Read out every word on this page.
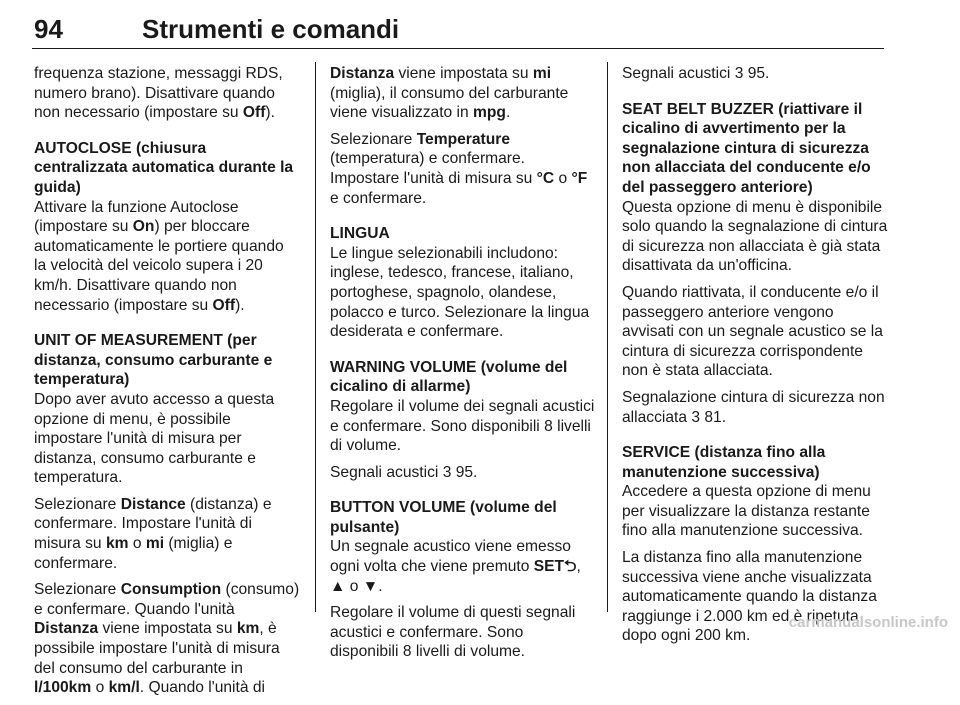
94	Strumenti e comandi

frequenza stazione, messaggi RDS, numero brano). Disattivare quando non necessario (impostare su Off).

AUTOCLOSE (chiusura centralizzata automatica durante la guida)

Attivare la funzione Autoclose (impostare su On) per bloccare automaticamente le portiere quando la velocità del veicolo supera i 20 km/h. Disattivare quando non necessario (impostare su Off).

UNIT OF MEASUREMENT (per distanza, consumo carburante e temperatura)

Dopo aver avuto accesso a questa opzione di menu, è possibile impostare l'unità di misura per distanza, consumo carburante e temperatura.

Selezionare Distance (distanza) e confermare. Impostare l'unità di misura su km o mi (miglia) e confermare.

Selezionare Consumption (consumo) e confermare. Quando l'unità Distanza viene impostata su km, è possibile impostare l'unità di misura del consumo del carburante in l/100km o km/l. Quando l'unità di

Distanza viene impostata su mi (miglia), il consumo del carburante viene visualizzato in mpg.

Selezionare Temperature (temperatura) e confermare. Impostare l'unità di misura su °C o °F e confermare.

LINGUA

Le lingue selezionabili includono: inglese, tedesco, francese, italiano, portoghese, spagnolo, olandese, polacco e turco. Selezionare la lingua desiderata e confermare.

WARNING VOLUME (volume del cicalino di allarme)

Regolare il volume dei segnali acustici e confermare. Sono disponibili 8 livelli di volume.

Segnali acustici 3 95.

BUTTON VOLUME (volume del pulsante)

Un segnale acustico viene emesso ogni volta che viene premuto SET⮌, ▲ o ▼.

Regolare il volume di questi segnali acustici e confermare. Sono disponibili 8 livelli di volume.

Segnali acustici 3 95.

SEAT BELT BUZZER (riattivare il cicalino di avvertimento per la segnalazione cintura di sicurezza non allacciata del conducente e/o del passeggero anteriore)

Questa opzione di menu è disponibile solo quando la segnalazione di cintura di sicurezza non allacciata è già stata disattivata da un'officina.

Quando riattivata, il conducente e/o il passeggero anteriore vengono avvisati con un segnale acustico se la cintura di sicurezza corrispondente non è stata allacciata.

Segnalazione cintura di sicurezza non allacciata 3 81.

SERVICE (distanza fino alla manutenzione successiva)

Accedere a questa opzione di menu per visualizzare la distanza restante fino alla manutenzione successiva.

La distanza fino alla manutenzione successiva viene anche visualizzata automaticamente quando la distanza raggiunge i 2.000 km ed è ripetuta dopo ogni 200 km.

carmanualsonline.info
